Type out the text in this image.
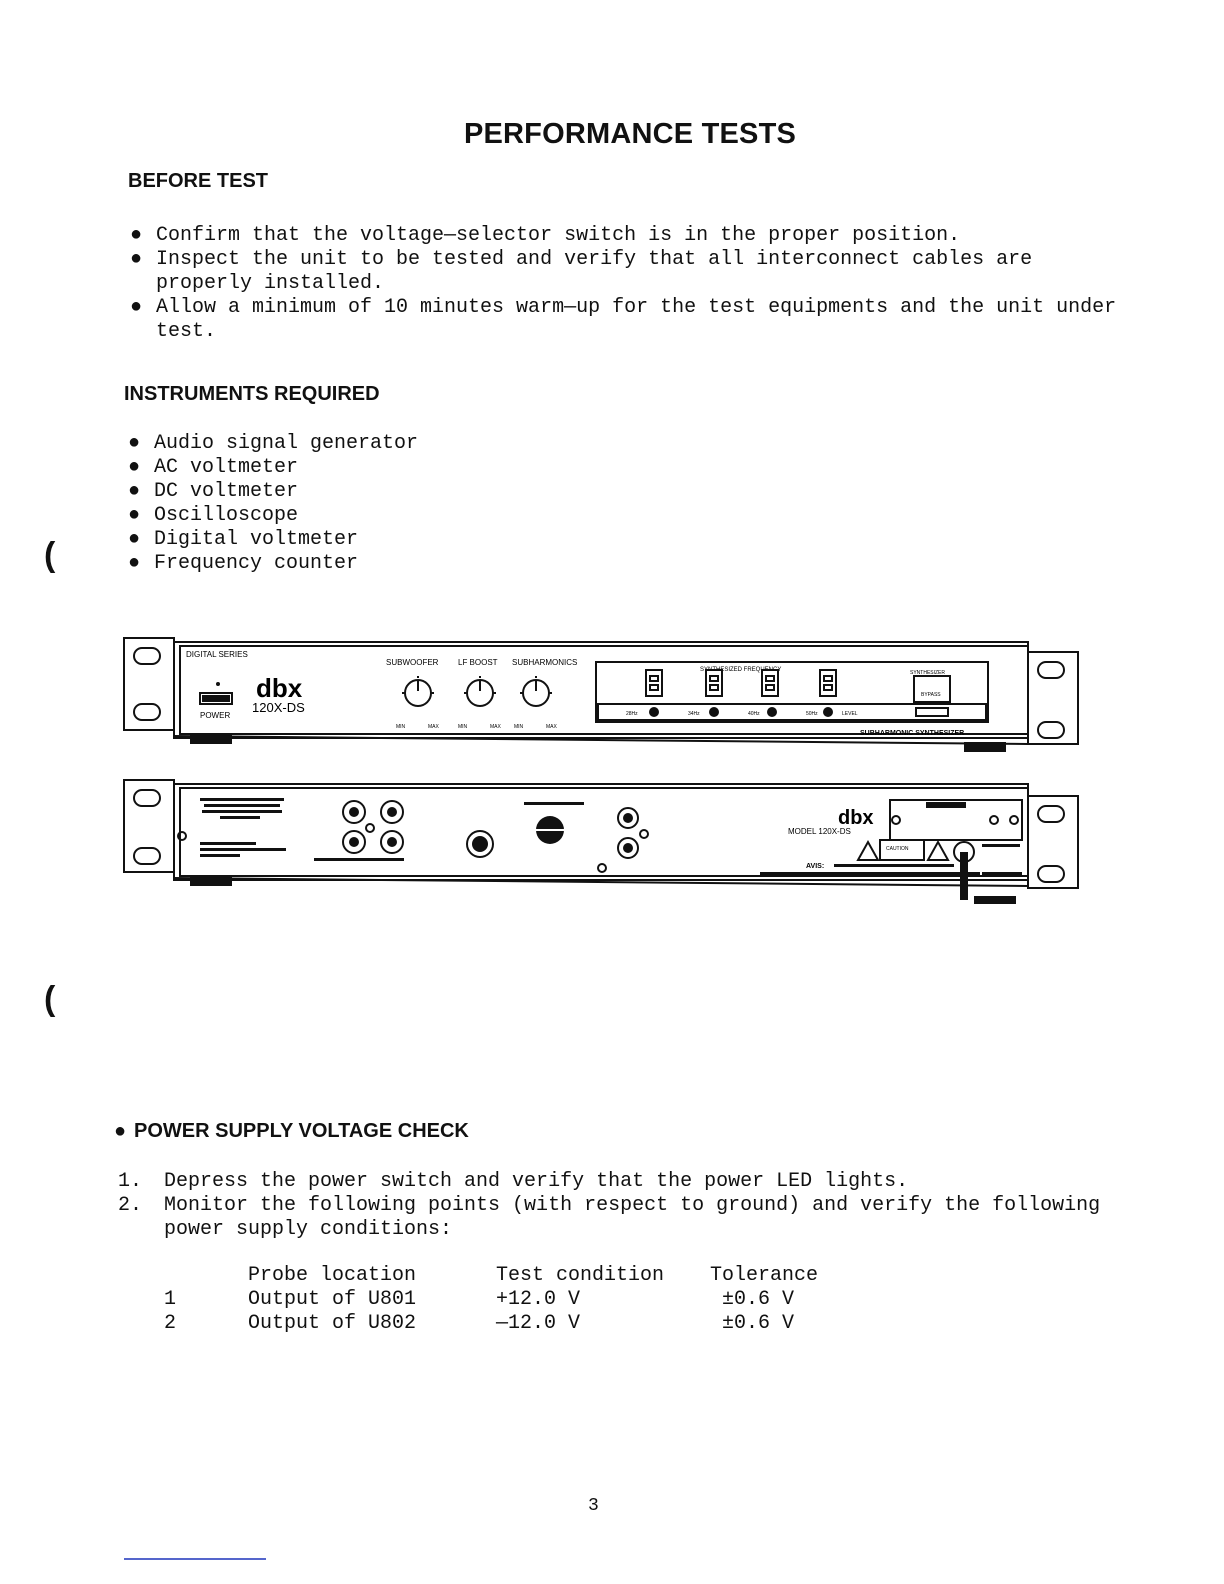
PERFORMANCE TESTS
BEFORE TEST
● Confirm that the voltage—selector switch is in the proper position.
● Inspect the unit to be tested and verify that all interconnect cables are
properly installed.
● Allow a minimum of 10 minutes warm—up for the test equipments and the unit under
test.
INSTRUMENTS REQUIRED
● Audio signal generator
● AC voltmeter
● DC voltmeter
● Oscilloscope
● Digital voltmeter
● Frequency counter
(
(
DIGITAL SERIES
dbx
120X-DS
POWER
SUBWOOFER LF BOOST SUBHARMONICS
MIN	MAX	MIN	MAX	MIN	MAX
SYNTHESIZED FREQUENCY	SYNTHESIZER
BYPASS
28Hz	34Hz	40Hz	50Hz	LEVEL
SUBHARMONIC SYNTHESIZER
dbx
MODEL 120X-DS
CAUTION
AVIS:
● POWER SUPPLY VOLTAGE CHECK
1.	Depress the power switch and verify that the power LED lights.
2.	Monitor the following points (with respect to ground) and verify the following
power supply conditions:
Probe location	Test condition	Tolerance
1	Output of U801	+12.0 V	±0.6 V
2	Output of U802	—12.0 V	±0.6 V
3
